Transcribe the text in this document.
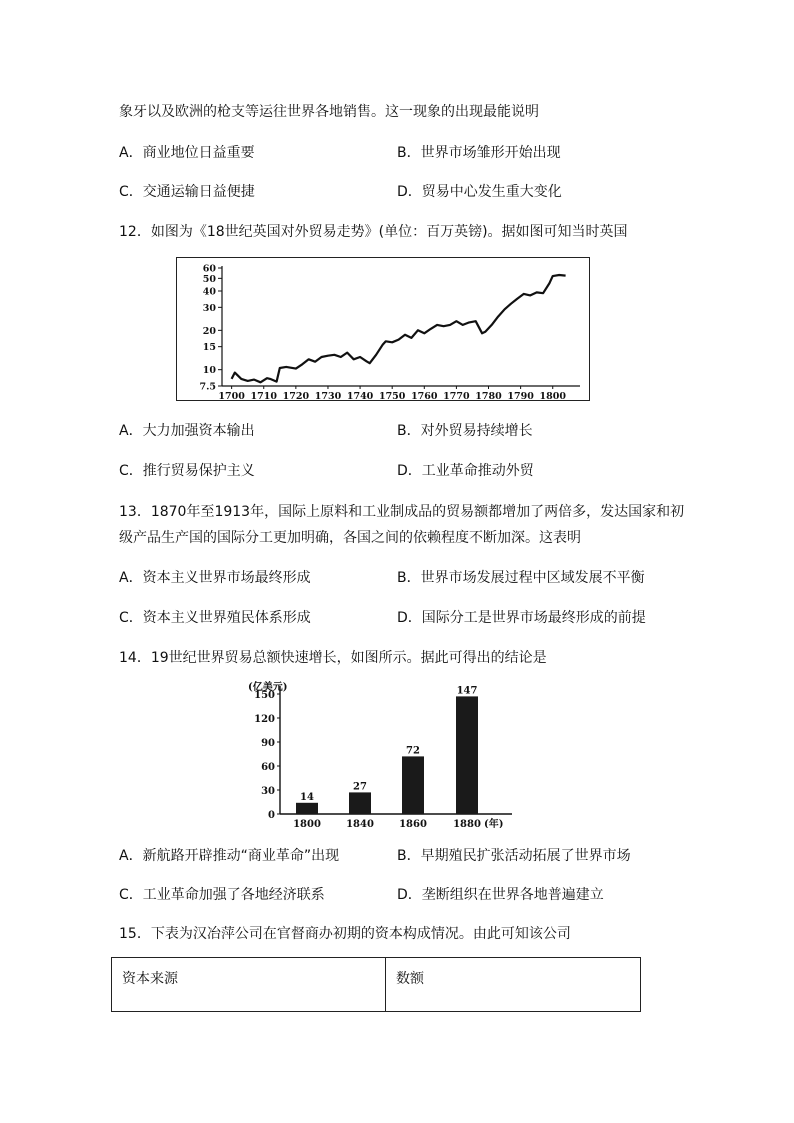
象牙以及欧洲的枪支等运往世界各地销售。这一现象的出现最能说明
A．商业地位日益重要	B．世界市场雏形开始出现
C．交通运输日益便捷	D．贸易中心发生重大变化
12．如图为《18世纪英国对外贸易走势》(单位：百万英镑)。据如图可知当时英国
7.5
10
15
20
30
40
50
60
1700 1710 1720 1730 1740 1750 1760 1770 1780 1790 1800
A．大力加强资本输出	B．对外贸易持续增长
C．推行贸易保护主义	D．工业革命推动外贸
13．1870年至1913年，国际上原料和工业制成品的贸易额都增加了两倍多，发达国家和初
级产品生产国的国际分工更加明确，各国之间的依赖程度不断加深。这表明
A．资本主义世界市场最终形成	B．世界市场发展过程中区域发展不平衡
C．资本主义世界殖民体系形成	D．国际分工是世界市场最终形成的前提
14．19世纪世界贸易总额快速增长，如图所示。据此可得出的结论是
(亿美元)
0
30
60
90
120
150
14
1800
27
1840
72
1860
147
1880 (年)
A．新航路开辟推动“商业革命”出现	B．早期殖民扩张活动拓展了世界市场
C．工业革命加强了各地经济联系	D．垄断组织在世界各地普遍建立
15．下表为汉冶萍公司在官督商办初期的资本构成情况。由此可知该公司
资本来源	数额
